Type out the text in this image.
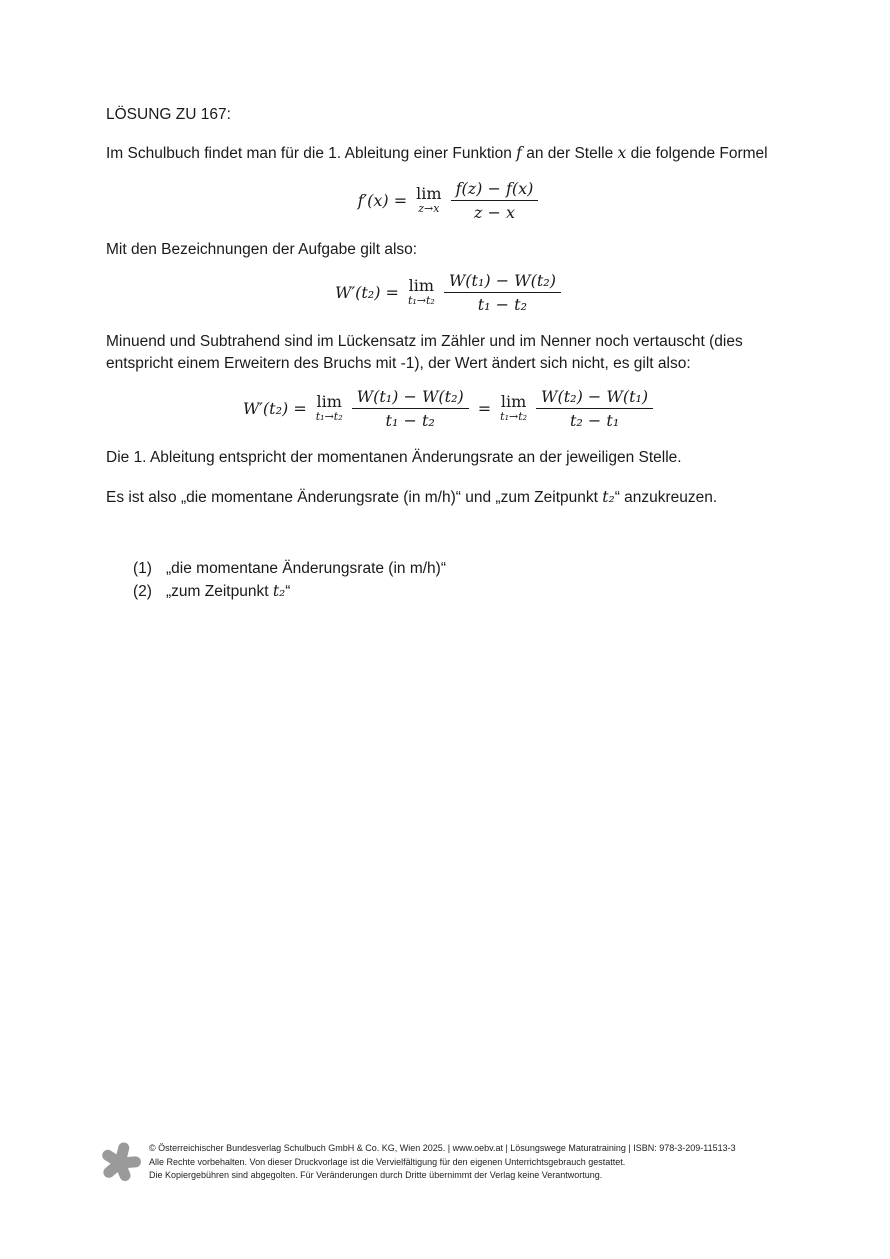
LÖSUNG ZU 167:

Im Schulbuch findet man für die 1. Ableitung einer Funktion f an der Stelle x die folgende Formel

f′(x) = lim
$z\to x \frac{f(z) - f(x)}{z - x}$

Mit den Bezeichnungen der Aufgabe gilt also:

W′(t₂) = lim
$t_1\to t_2 \frac{\text{W(t₁) − W(t₂)}}{\text{t₁ − t₂}}$

Minuend und Subtrahend sind im Lückensatz im Zähler und im Nenner noch vertauscht (dies entspricht einem Erweitern des Bruchs mit -1), der Wert ändert sich nicht, es gilt also:

W′(t₂) = lim
$t_1\to t_2 \frac{\text{W(t₁) − W(t₂)}}{\text{t₁ − t₂}} = \lim$
$t_1\to t_2 \frac{\text{W(t₂) − W(t₁)}}{\text{t₂ − t₁}}$

Die 1. Ableitung entspricht der momentanen Änderungsrate an der jeweiligen Stelle.

Es ist also „die momentane Änderungsrate (in m/h)“ und „zum Zeitpunkt t₂“ anzukreuzen.

(1) „die momentane Änderungsrate (in m/h)“
(2) „zum Zeitpunkt t₂“
© Österreichischer Bundesverlag Schulbuch GmbH & Co. KG, Wien 2025. | www.oebv.at | Lösungswege Maturatraining | ISBN: 978-3-209-11513-3
Alle Rechte vorbehalten. Von dieser Druckvorlage ist die Vervielfältigung für den eigenen Unterrichtsgebrauch gestattet.
Die Kopiergebühren sind abgegolten. Für Veränderungen durch Dritte übernimmt der Verlag keine Verantwortung.
